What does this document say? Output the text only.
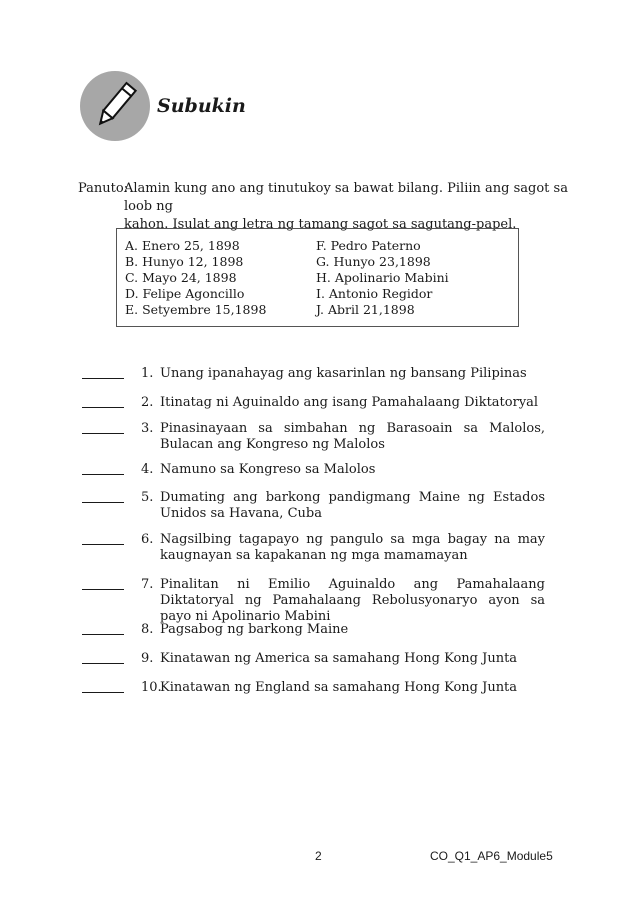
Subukin
Panuto:
Alamin kung ano ang tinutukoy sa bawat bilang. Piliin ang sagot sa loob ng
kahon. Isulat ang letra ng tamang sagot sa sagutang-papel.
A. Enero 25, 1898
B. Hunyo 12, 1898
C. Mayo 24, 1898
D. Felipe Agoncillo
E. Setyembre 15,1898
F. Pedro Paterno
G. Hunyo 23,1898
H. Apolinario Mabini
I. Antonio Regidor
J. Abril 21,1898
1. Unang ipanahayag ang kasarinlan ng bansang Pilipinas
2. Itinatag ni Aguinaldo ang isang Pamahalaang Diktatoryal
3. Pinasinayaan sa simbahan ng Barasoain sa Malolos, Bulacan ang Kongreso ng Malolos
4. Namuno sa Kongreso sa Malolos
5. Dumating ang barkong pandigmang Maine ng Estados Unidos sa Havana, Cuba
6. Nagsilbing tagapayo ng pangulo sa mga bagay na may kaugnayan sa kapakanan ng mga mamamayan
7. Pinalitan ni Emilio Aguinaldo ang Pamahalaang Diktatoryal ng Pamahalaang Rebolusyonaryo ayon sa payo ni Apolinario Mabini
8. Pagsabog ng barkong Maine
9. Kinatawan ng America sa samahang Hong Kong Junta
10.
Kinatawan ng England sa samahang Hong Kong Junta
2	CO_Q1_AP6_Module5
